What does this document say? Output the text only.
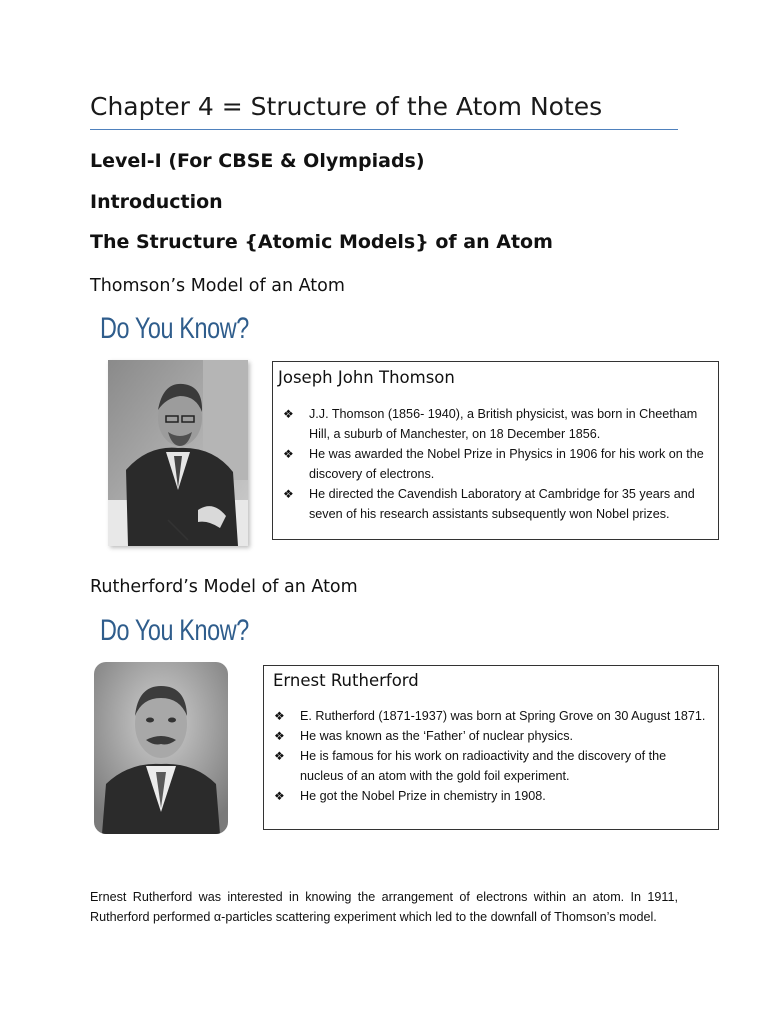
Chapter 4 = Structure of the Atom Notes
Level-I (For CBSE & Olympiads)
Introduction
The Structure {Atomic Models} of an Atom
Thomson’s Model of an Atom
Do You Know?
Joseph John Thomson
❖ J.J. Thomson (1856- 1940), a British physicist, was born in Cheetham Hill, a suburb of Manchester, on 18 December 1856.
❖ He was awarded the Nobel Prize in Physics in 1906 for his work on the discovery of electrons.
❖ He directed the Cavendish Laboratory at Cambridge for 35 years and seven of his research assistants subsequently won Nobel prizes.
Rutherford’s Model of an Atom
Do You Know?
Ernest Rutherford
❖ E. Rutherford (1871-1937) was born at Spring Grove on 30 August 1871.
❖ He was known as the ‘Father’ of nuclear physics.
❖ He is famous for his work on radioactivity and the discovery of the nucleus of an atom with the gold foil experiment.
❖ He got the Nobel Prize in chemistry in 1908.
Ernest Rutherford was interested in knowing the arrangement of electrons within an atom. In 1911, Rutherford performed α-particles scattering experiment which led to the downfall of Thomson’s model.
